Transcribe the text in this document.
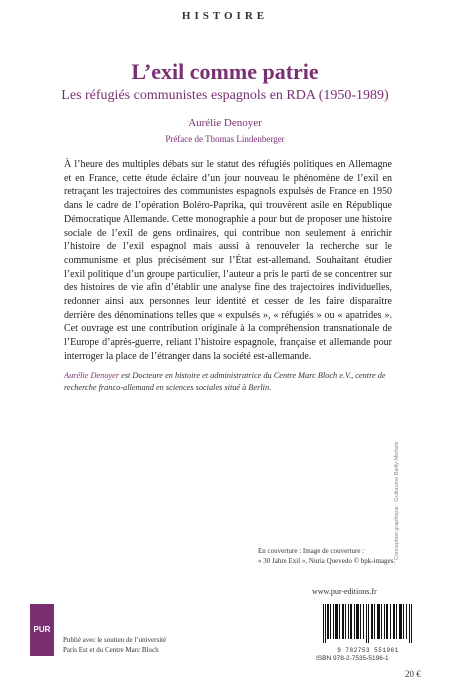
HISTOIRE
L’exil comme patrie
Les réfugiés communistes espagnols en RDA (1950-1989)
Aurélie Denoyer
Préface de Thomas Lindenberger
À l’heure des multiples débats sur le statut des réfugiés politiques en Allemagne et en France, cette étude éclaire d’un jour nouveau le phénomène de l’exil en retraçant les trajectoires des communistes espagnols expulsés de France en 1950 dans le cadre de l’opération Boléro-Paprika, qui trouvèrent asile en République Démocratique Allemande. Cette monographie a pour but de proposer une histoire sociale de l’exil de gens ordinaires, qui contribue non seulement à enrichir l’histoire de l’exil espagnol mais aussi à renouveler la recherche sur le communisme et plus précisément sur l’État est-allemand. Souhaitant étudier l’exil politique d’un groupe particulier, l’auteur a pris le parti de se concentrer sur des histoires de vie afin d’établir une analyse fine des trajectoires individuelles, redonner ainsi aux personnes leur identité et cesser de les faire disparaître derrière des dénominations telles que « expulsés », « réfugiés » ou « apatrides ». Cet ouvrage est une contribution originale à la compréhension transnationale de l’Europe d’après-guerre, reliant l’histoire espagnole, française et allemande pour interroger la place de l’étranger dans la société est-allemande.
Aurélie Denoyer est Docteure en histoire et administratrice du Centre Marc Bloch e.V., centre de recherche franco-allemand en sciences sociales situé à Berlin.
En couverture : Image de couverture :
« 30 Jahre Exil », Nuria Quevedo © bpk-images.
www.pur-editions.fr
PUR
Publié avec le soutien de l’université
Paris Est et du Centre Marc Bloch	9 782753 551961
ISBN 978-2-7535-5196-1
20 €
Conception graphique : Guillaume Bailly-Michels
